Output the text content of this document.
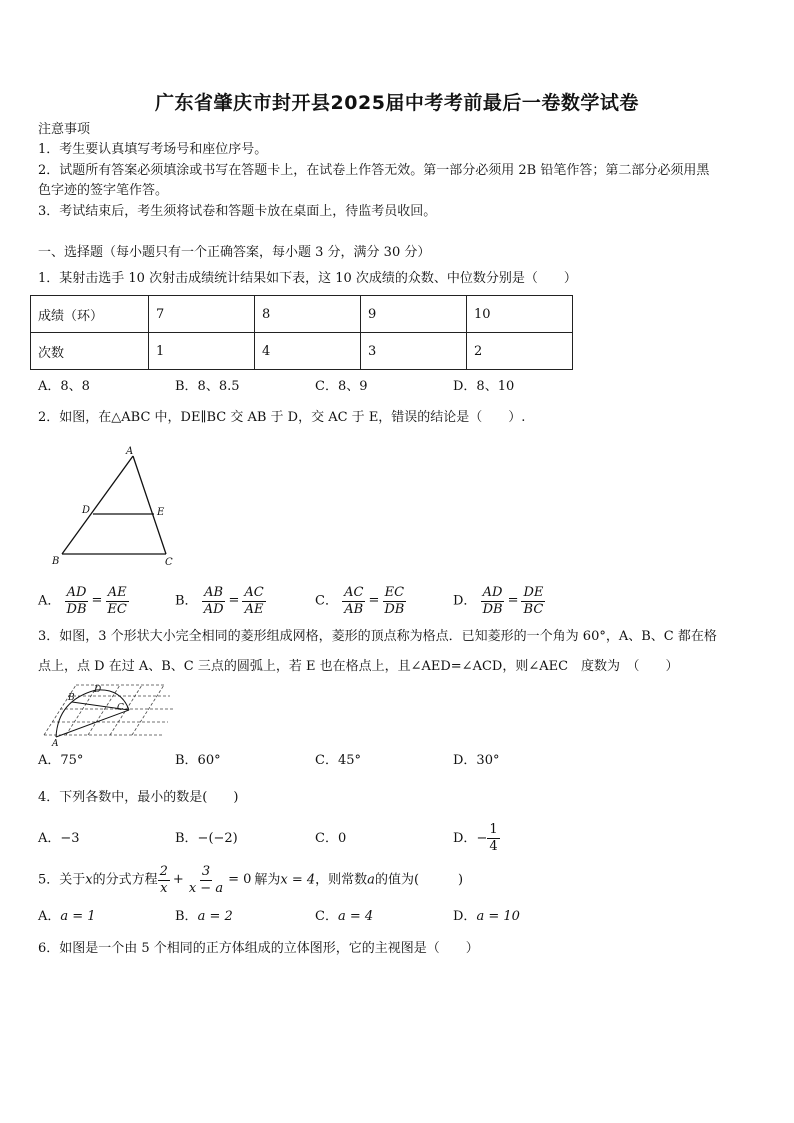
广东省肇庆市封开县2025届中考考前最后一卷数学试卷
注意事项
1．考生要认真填写考场号和座位序号。
2．试题所有答案必须填涂或书写在答题卡上，在试卷上作答无效。第一部分必须用 2B 铅笔作答；第二部分必须用黑
色字迹的签字笔作答。
3．考试结束后，考生须将试卷和答题卡放在桌面上，待监考员收回。
一、选择题（每小题只有一个正确答案，每小题 3 分，满分 30 分）
1．某射击选手 10 次射击成绩统计结果如下表，这 10 次成绩的众数、中位数分别是（　　）
成绩（环）	7	8	9	10
次数	1	4	3	2
A．8、8	B．8、8.5	C．8、9	D．8、10
2．如图，在△ABC 中，DE∥BC 交 AB 于 D，交 AC 于 E，错误的结论是（　　）.
A
D	E
B	C
A． $\frac{AD}{DB} = \frac{AE}{EC}$	B． $\frac{AB}{AD} = \frac{AC}{AE}$	C． $\frac{AC}{AB} = \frac{EC}{DB}$	D． $\frac{AD}{DB} = \frac{DE}{BC}$
3．如图，3 个形状大小完全相同的菱形组成网格，菱形的顶点称为格点．已知菱形的一个角为 60°，A、B、C 都在格
点上，点 D 在过 A、B、C 三点的圆弧上，若 E 也在格点上，且∠AED=∠ACD，则∠AEC　度数为　（　　）
B
D
C
A
A．75°	B．60°	C．45°	D．30°
4．下列各数中，最小的数是(　　)
A．−3	B．−(−2)	C．0	D．− $\frac{1}{4}$
5．关于x的分式方程 $\frac{2}{x} + \frac{3}{x - a} = 0$ 解为x = 4，则常数a的值为(　　　)
A．a = 1	B．a = 2	C．a = 4	D．a = 10
6．如图是一个由 5 个相同的正方体组成的立体图形，它的主视图是（　　）
